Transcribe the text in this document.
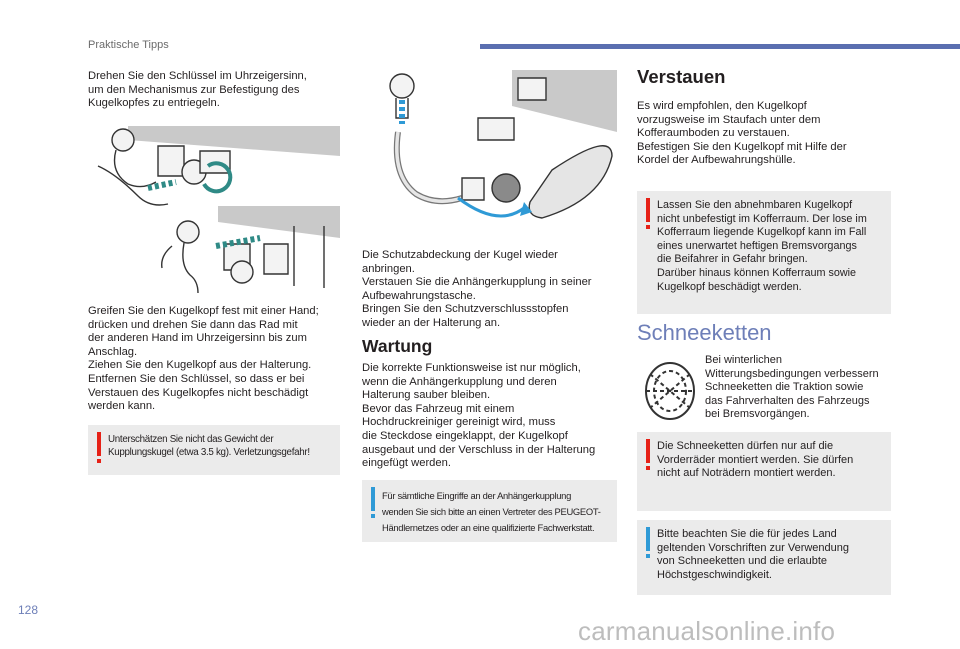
Praktische Tipps
Drehen Sie den Schlüssel im Uhrzeigersinn,
um den Mechanismus zur Befestigung des
Kugelkopfes zu entriegeln.
Greifen Sie den Kugelkopf fest mit einer Hand;
drücken und drehen Sie dann das Rad mit
der anderen Hand im Uhrzeigersinn bis zum
Anschlag.
Ziehen Sie den Kugelkopf aus der Halterung.
Entfernen Sie den Schlüssel, so dass er bei
Verstauen des Kugelkopfes nicht beschädigt
werden kann.
Unterschätzen Sie nicht das Gewicht der
Kupplungskugel (etwa 3.5 kg). Verletzungsgefahr!
Die Schutzabdeckung der Kugel wieder
anbringen.
Verstauen Sie die Anhängerkupplung in seiner
Aufbewahrungstasche.
Bringen Sie den Schutzverschlussstopfen
wieder an der Halterung an.
Wartung
Die korrekte Funktionsweise ist nur möglich,
wenn die Anhängerkupplung und deren
Halterung sauber bleiben.
Bevor das Fahrzeug mit einem
Hochdruckreiniger gereinigt wird, muss
die Steckdose eingeklappt, der Kugelkopf
ausgebaut und der Verschluss in der Halterung
eingefügt werden.
Für sämtliche Eingriffe an der Anhängerkupplung
wenden Sie sich bitte an einen Vertreter des PEUGEOT-
Händlernetzes oder an eine qualifizierte Fachwerkstatt.
Verstauen
Es wird empfohlen, den Kugelkopf
vorzugsweise im Staufach unter dem
Kofferaumboden zu verstauen.
Befestigen Sie den Kugelkopf mit Hilfe der
Kordel der Aufbewahrungshülle.
Lassen Sie den abnehmbaren Kugelkopf
nicht unbefestigt im Kofferraum. Der lose im
Kofferraum liegende Kugelkopf kann im Fall
eines unerwartet heftigen Bremsvorgangs
die Beifahrer in Gefahr bringen.
Darüber hinaus können Kofferraum sowie
Kugelkopf beschädigt werden.
Schneeketten
Bei winterlichen
Witterungsbedingungen verbessern
Schneeketten die Traktion sowie
das Fahrverhalten des Fahrzeugs
bei Bremsvorgängen.
Die Schneeketten dürfen nur auf die
Vorderräder montiert werden. Sie dürfen
nicht auf Noträdern montiert werden.
Bitte beachten Sie die für jedes Land
geltenden Vorschriften zur Verwendung
von Schneeketten und die erlaubte
Höchstgeschwindigkeit.
128
carmanualsonline.info
